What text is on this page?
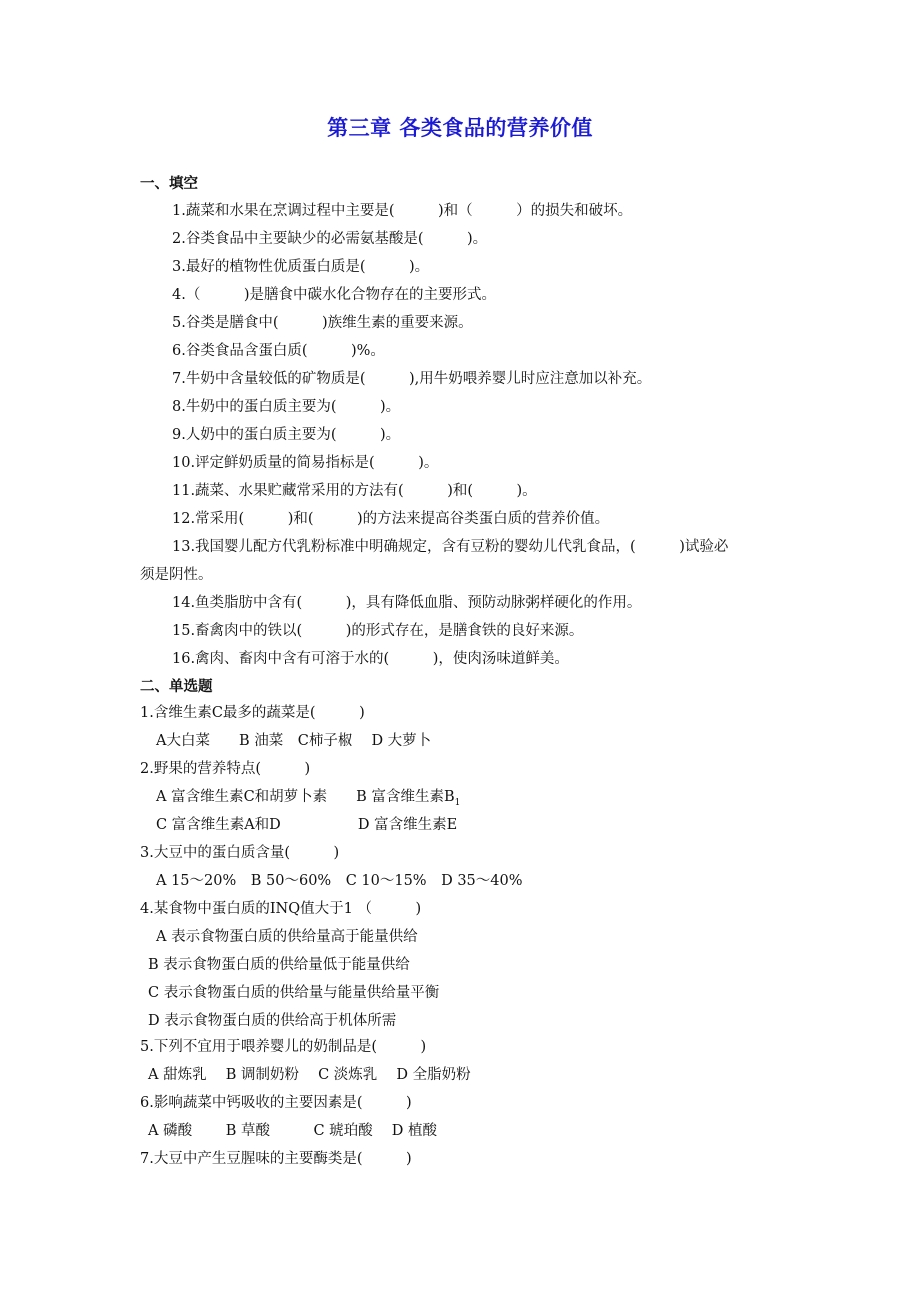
第三章 各类食品的营养价值
一、填空
1.蔬菜和水果在烹调过程中主要是(　　　)和（　　　）的损失和破坏。
2.谷类食品中主要缺少的必需氨基酸是(　　　)。
3.最好的植物性优质蛋白质是(　　　)。
4.（　　　)是膳食中碳水化合物存在的主要形式。
5.谷类是膳食中(　　　)族维生素的重要来源。
6.谷类食品含蛋白质(　　　)%。
7.牛奶中含量较低的矿物质是(　　　),用牛奶喂养婴儿时应注意加以补充。
8.牛奶中的蛋白质主要为(　　　)。
9.人奶中的蛋白质主要为(　　　)。
10.评定鲜奶质量的简易指标是(　　　)。
11.蔬菜、水果贮藏常采用的方法有(　　　)和(　　　)。
12.常采用(　　　)和(　　　)的方法来提高谷类蛋白质的营养价值。
13.我国婴儿配方代乳粉标准中明确规定，含有豆粉的婴幼儿代乳食品，(　　　)试验必
须是阴性。
14.鱼类脂肪中含有(　　　)，具有降低血脂、预防动脉粥样硬化的作用。
15.畜禽肉中的铁以(　　　)的形式存在，是膳食铁的良好来源。
16.禽肉、畜肉中含有可溶于水的(　　　)，使肉汤味道鲜美。
二、单选题
1.含维生素C最多的蔬菜是(　　　)
A大白菜　　B 油菜　C柿子椒　 D 大萝卜
2.野果的营养特点(　　　)
A 富含维生素C和胡萝卜素　　B 富含维生素$B_1$
C 富含维生素A和D　　　　　 D 富含维生素E
3.大豆中的蛋白质含量(　　　)
A 15～20%　B 50～60%　C 10～15%　D 35～40%
4.某食物中蛋白质的INQ值大于1 （　　　)
A 表示食物蛋白质的供给量高于能量供给
B 表示食物蛋白质的供给量低于能量供给
C 表示食物蛋白质的供给量与能量供给量平衡
D 表示食物蛋白质的供给高于机体所需
5.下列不宜用于喂养婴儿的奶制品是(　　　)
A 甜炼乳　 B 调制奶粉　 C 淡炼乳　 D 全脂奶粉
6.影响蔬菜中钙吸收的主要因素是(　　　)
A 磷酸　　 B 草酸　　　C 琥珀酸　 D 植酸
7.大豆中产生豆腥味的主要酶类是(　　　)
